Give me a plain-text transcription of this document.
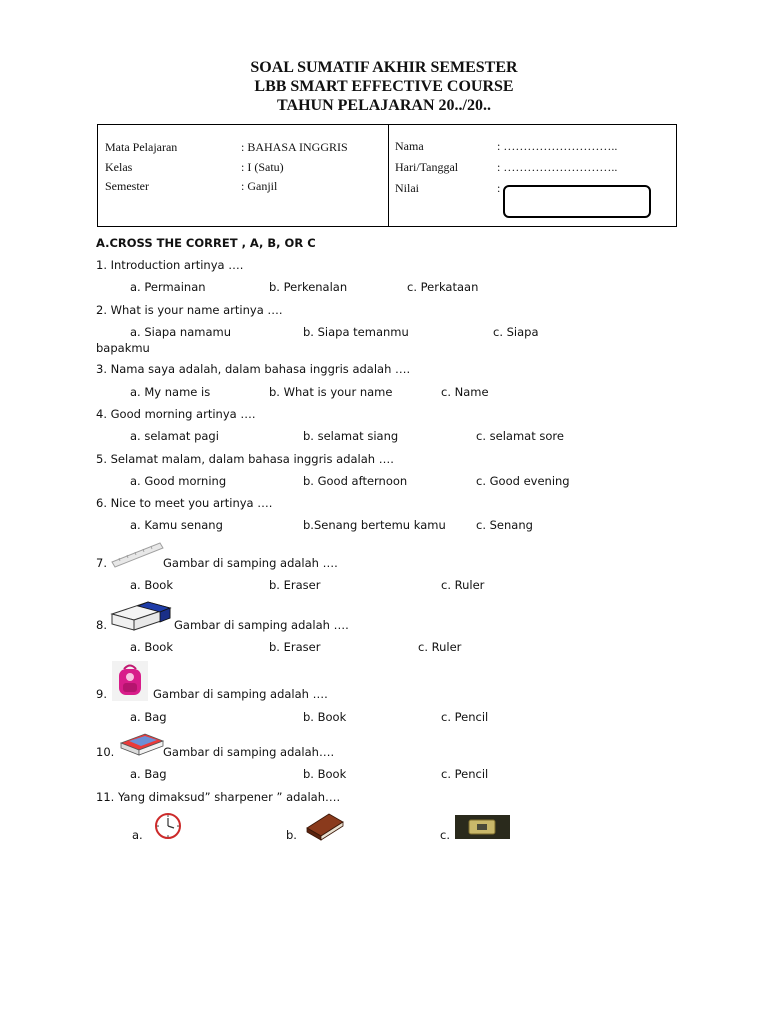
SOAL SUMATIF AKHIR SEMESTER
LBB SMART EFFECTIVE COURSE
TAHUN PELAJARAN 20../20..
Mata Pelajaran	: BAHASA INGGRIS
Kelas	: I (Satu)
Semester	: Ganjil
Nama	: ………………………..
Hari/Tanggal	: ………………………..
Nilai	:
A.CROSS THE CORRET , A, B, OR C
1. Introduction artinya ….
a. Permainan	b. Perkenalan	c. Perkataan
2. What is your name artinya ….
a. Siapa namamu	b. Siapa temanmu	c. Siapa
bapakmu
3. Nama saya adalah, dalam bahasa inggris adalah ….
a. My name is	b. What is your name	c. Name
4. Good morning artinya ….
a. selamat pagi	b. selamat siang	c. selamat sore
5. Selamat malam, dalam bahasa inggris adalah ….
a. Good morning	b. Good afternoon	c. Good evening
6. Nice to meet you artinya ….
a. Kamu senang	b.Senang bertemu kamu	c. Senang
7.	Gambar di samping adalah ….
a. Book	b. Eraser	c. Ruler
8.	Gambar di samping adalah ….
a. Book	b. Eraser	c. Ruler
9.	Gambar di samping adalah ….
a. Bag	b. Book	c. Pencil
10.	Gambar di samping adalah….
a. Bag	b. Book	c. Pencil
11. Yang dimaksud” sharpener ” adalah….
a.	b.	c.
